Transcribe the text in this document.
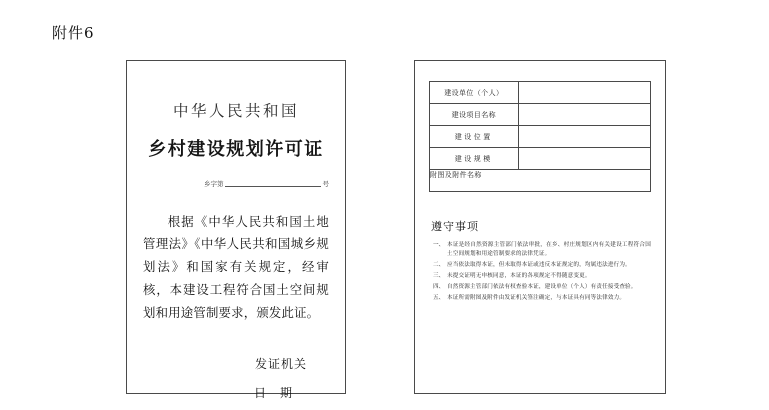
附件6
中华人民共和国
乡村建设规划许可证
乡字第	号
根据《中华人民共和国土地管理法》《中华人民共和国城乡规划法》和国家有关规定，经审核，本建设工程符合国土空间规划和用途管制要求，颁发此证。
发证机关
日　期
建设单位（个人）	
建设项目名称	
建设位置	
建设规模	
附图及附件名称	
遵守事项
一、 本证是经自然资源主管部门依法审批，在乡、村庄规划区内有关建设工程符合国土空间规划和用途管制要求的法律凭证。
二、 应当依法取得本证，但未取得本证或违反本证规定的，均属违法进行为。
三、 未提交证明无申核同意，本证的各项规定不得随意变更。
四、 自然资源主管部门依法有权查验本证，建设单位（个人）有责任接受查验。
五、 本证所需附图及附件由发证机关签注确定，与本证具有同等法律效力。
